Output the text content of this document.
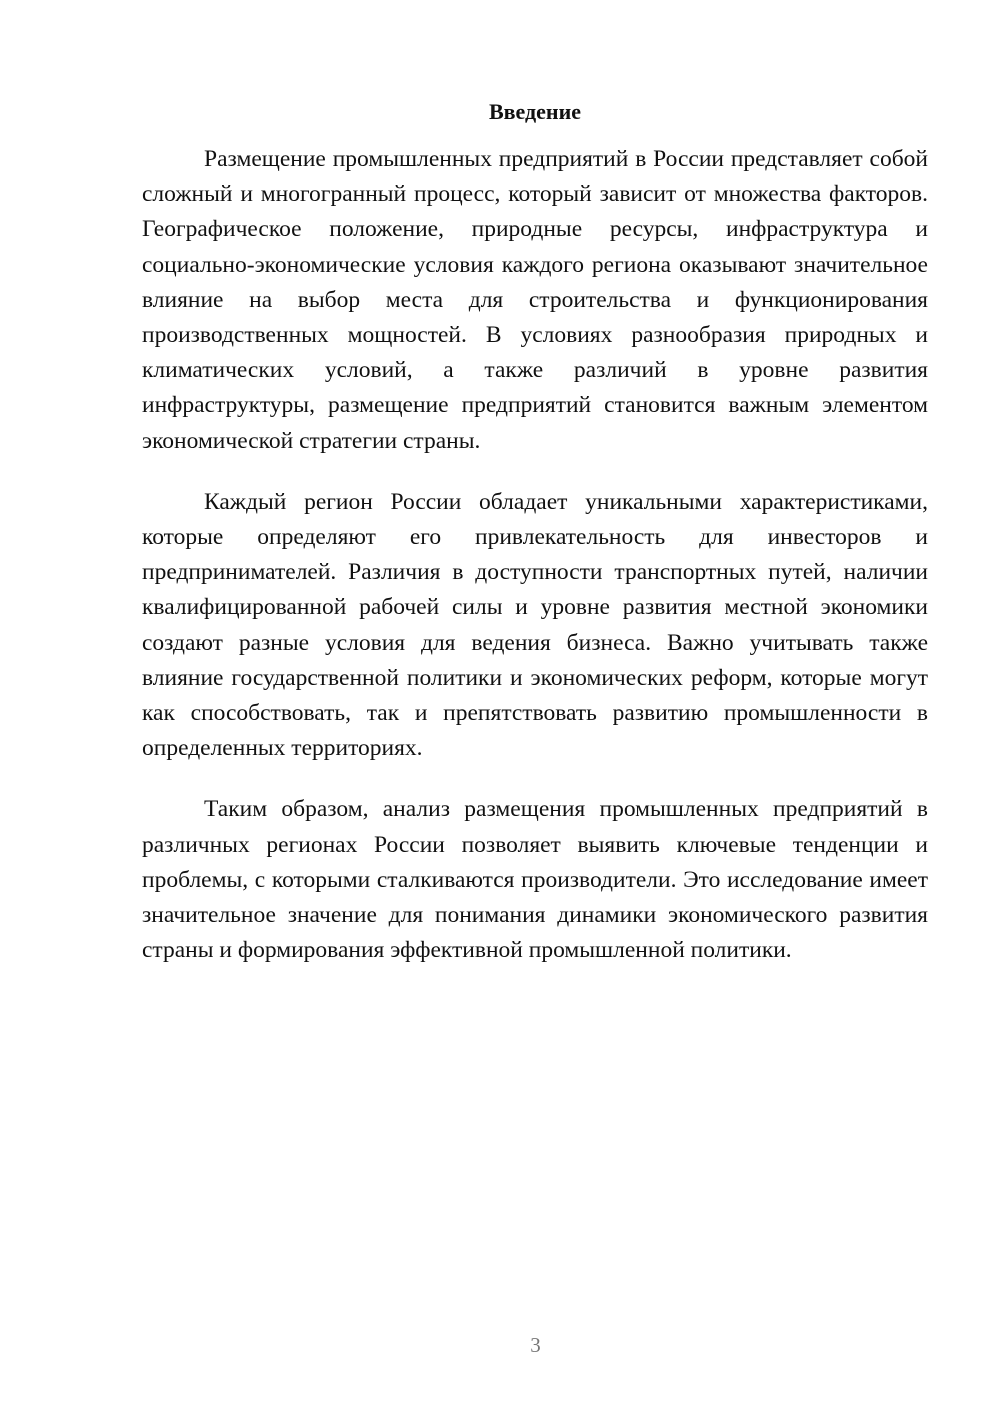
Введение

Размещение промышленных предприятий в России представляет собой сложный и многогранный процесс, который зависит от множества факторов. Географическое положение, природные ресурсы, инфраструктура и социально-экономические условия каждого региона оказывают значительное влияние на выбор места для строительства и функционирования производственных мощностей. В условиях разнообразия природных и климатических условий, а также различий в уровне развития инфраструктуры, размещение предприятий становится важным элементом экономической стратегии страны.

Каждый регион России обладает уникальными характеристиками, которые определяют его привлекательность для инвесторов и предпринимателей. Различия в доступности транспортных путей, наличии квалифицированной рабочей силы и уровне развития местной экономики создают разные условия для ведения бизнеса. Важно учитывать также влияние государственной политики и экономических реформ, которые могут как способствовать, так и препятствовать развитию промышленности в определенных территориях.

Таким образом, анализ размещения промышленных предприятий в различных регионах России позволяет выявить ключевые тенденции и проблемы, с которыми сталкиваются производители. Это исследование имеет значительное значение для понимания динамики экономического развития страны и формирования эффективной промышленной политики.

3
